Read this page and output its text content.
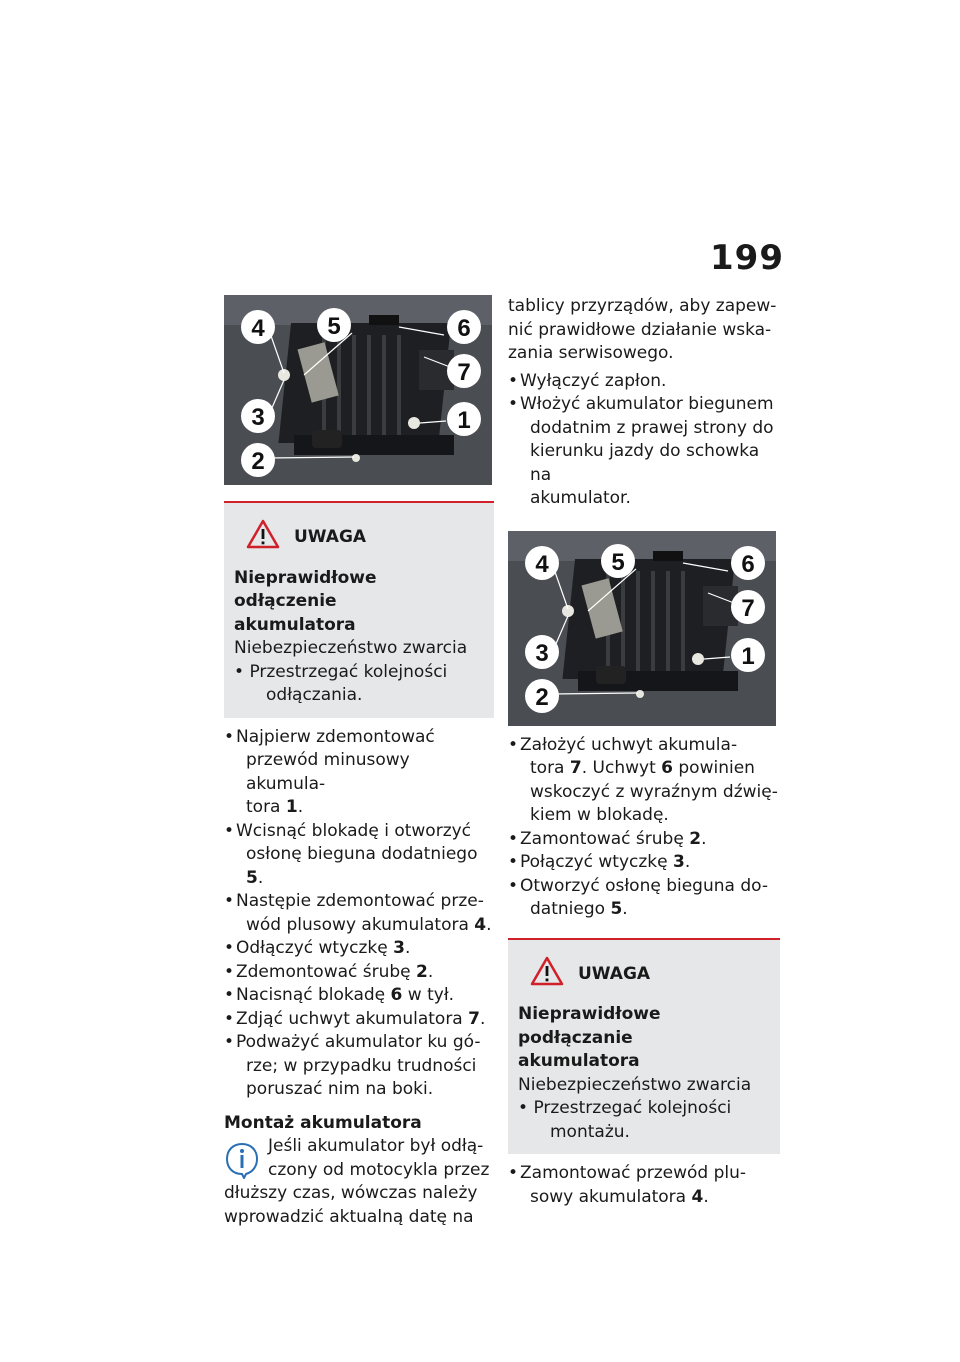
199
4	5	6
7
3	1
2
UWAGA
Nieprawidłowe odłączenie
akumulatora
Niebezpieczeństwo zwarcia
• Przestrzegać kolejności
odłączania.
• Najpierw zdemontować
przewód minusowy akumula-
tora 1.
• Wcisnąć blokadę i otworzyć
osłonę bieguna dodatniego 5.
• Następie zdemontować prze-
wód plusowy akumulatora 4.
• Odłączyć wtyczkę 3.
• Zdemontować śrubę 2.
• Nacisnąć blokadę 6 w tył.
• Zdjąć uchwyt akumulatora 7.
• Podważyć akumulator ku gó-
rze; w przypadku trudności
poruszać nim na boki.
Montaż akumulatora
Jeśli akumulator był odłą-
czony od motocykla przez
dłuższy czas, wówczas należy
wprowadzić aktualną datę na
tablicy przyrządów, aby zapew-
nić prawidłowe działanie wska-
zania serwisowego.
• Wyłączyć zapłon.
• Włożyć akumulator biegunem
dodatnim z prawej strony do
kierunku jazdy do schowka na
akumulator.
4	5	6
7
3	1
2
• Założyć uchwyt akumula-
tora 7. Uchwyt 6 powinien
wskoczyć z wyraźnym dźwię-
kiem w blokadę.
• Zamontować śrubę 2.
• Połączyć wtyczkę 3.
• Otworzyć osłonę bieguna do-
datniego 5.
UWAGA
Nieprawidłowe podłączanie
akumulatora
Niebezpieczeństwo zwarcia
• Przestrzegać kolejności
montażu.
• Zamontować przewód plu-
sowy akumulatora 4.
